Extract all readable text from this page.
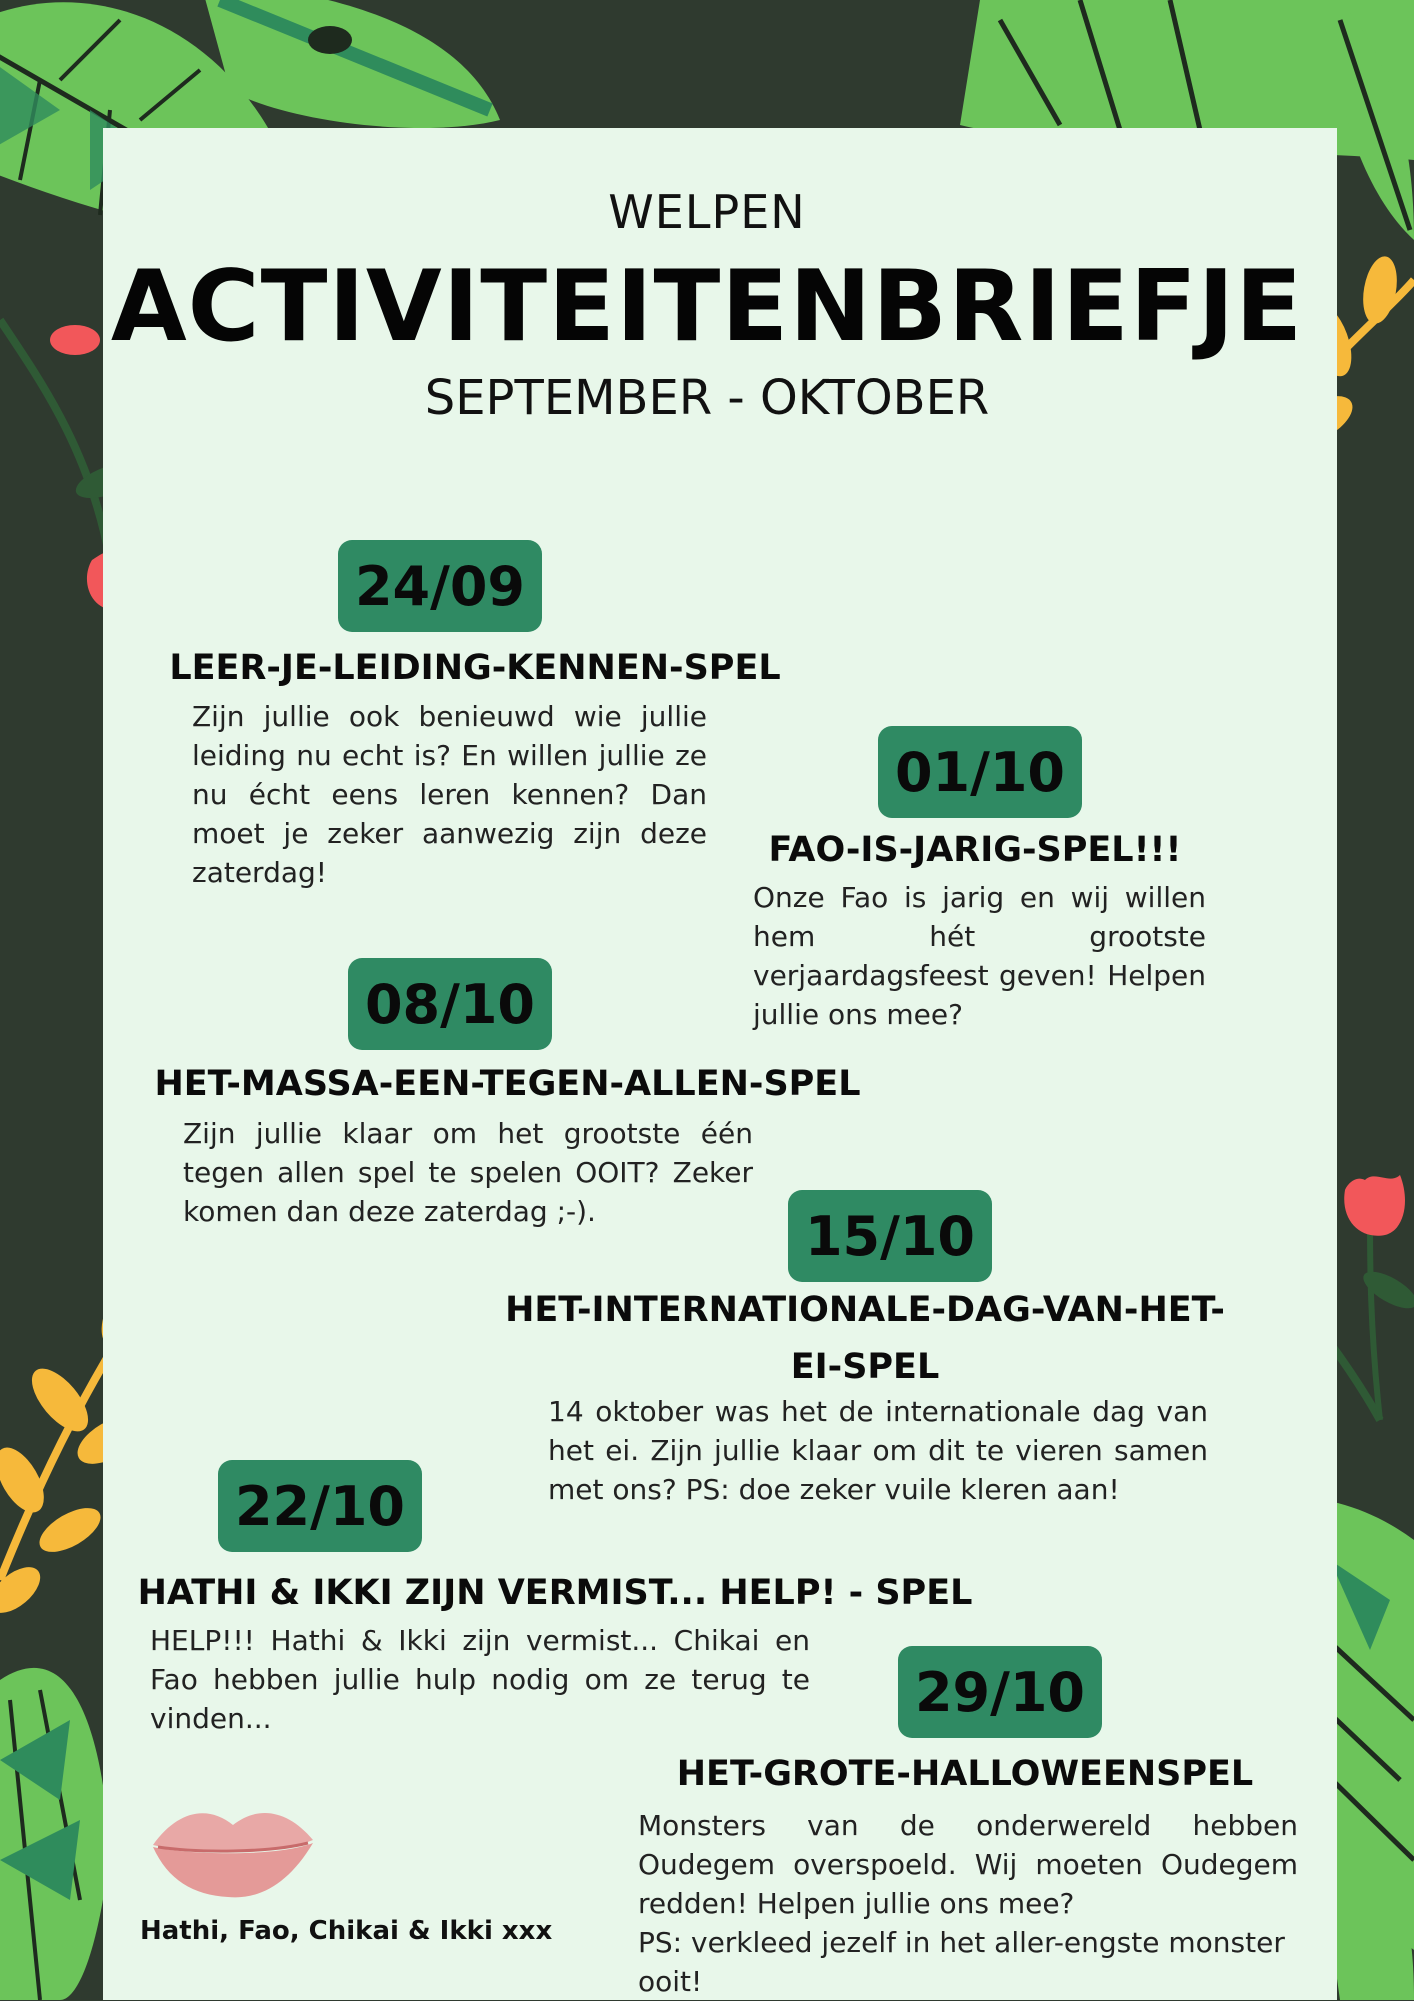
WELPEN
ACTIVITEITENBRIEFJE
SEPTEMBER - OKTOBER
24/09
LEER-JE-LEIDING-KENNEN-SPEL
Zijn jullie ook benieuwd wie jullie leiding nu echt is? En willen jullie ze nu écht eens leren kennen? Dan moet je zeker aanwezig zijn deze zaterdag!
01/10
FAO-IS-JARIG-SPEL!!!
Onze Fao is jarig en wij willen hem hét grootste verjaardagsfeest geven! Helpen jullie ons mee?
08/10
HET-MASSA-EEN-TEGEN-ALLEN-SPEL
Zijn jullie klaar om het grootste één tegen allen spel te spelen OOIT? Zeker komen dan deze zaterdag ;-).	15/10
HET-INTERNATIONALE-DAG-VAN-HET-EI-SPEL
14 oktober was het de internationale dag van het ei. Zijn jullie klaar om dit te vieren samen met ons? PS: doe zeker vuile kleren aan!
22/10
HATHI & IKKI ZIJN VERMIST... HELP! - SPEL
HELP!!! Hathi & Ikki zijn vermist... Chikai en Fao hebben jullie hulp nodig om ze terug te vinden...	29/10
HET-GROTE-HALLOWEENSPEL
Monsters van de onderwereld hebben Oudegem overspoeld. Wij moeten Oudegem redden! Helpen jullie ons mee?

PS: verkleed jezelf in het aller-engste monster ooit!
Hathi, Fao, Chikai & Ikki xxx
